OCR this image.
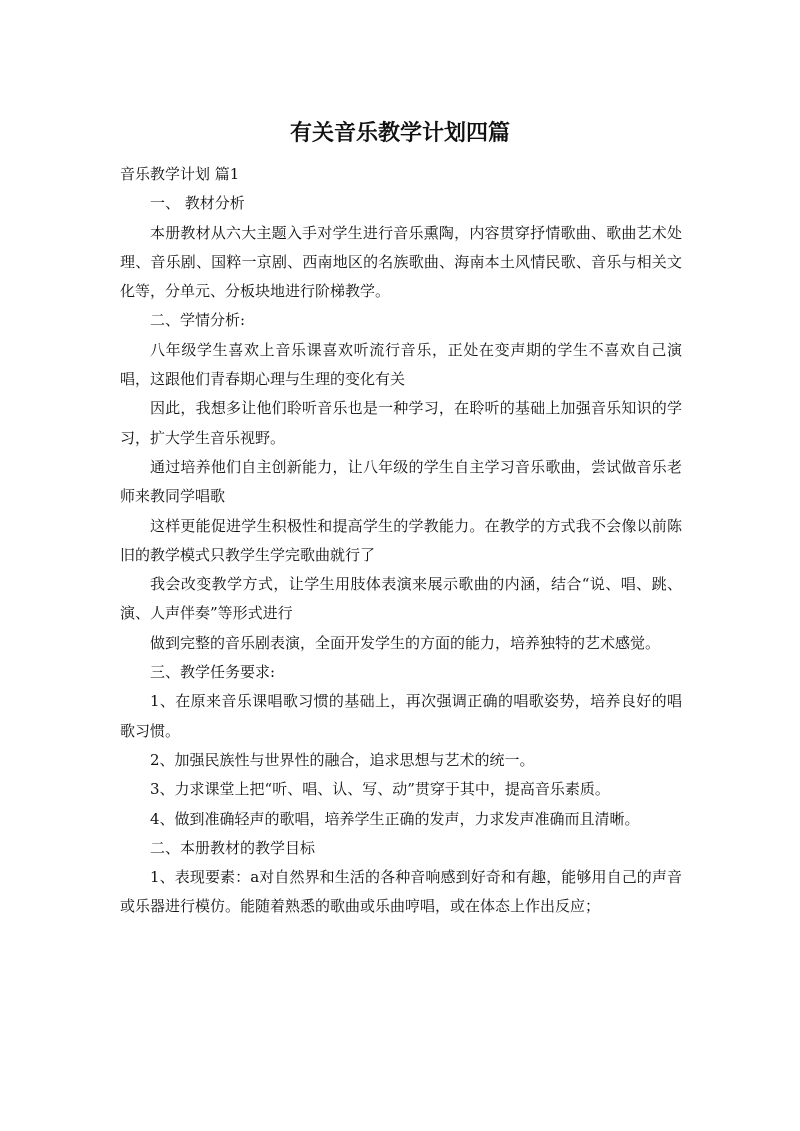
有关音乐教学计划四篇

音乐教学计划 篇1

一、 教材分析

本册教材从六大主题入手对学生进行音乐熏陶，内容贯穿抒情歌曲、歌曲艺术处理、音乐剧、国粹一京剧、西南地区的名族歌曲、海南本土风情民歌、音乐与相关文化等，分单元、分板块地进行阶梯教学。

二、学情分析:

八年级学生喜欢上音乐课喜欢听流行音乐，正处在变声期的学生不喜欢自己演唱，这跟他们青春期心理与生理的变化有关

因此，我想多让他们聆听音乐也是一种学习，在聆听的基础上加强音乐知识的学习，扩大学生音乐视野。

通过培养他们自主创新能力，让八年级的学生自主学习音乐歌曲，尝试做音乐老师来教同学唱歌

这样更能促进学生积极性和提高学生的学教能力。在教学的方式我不会像以前陈旧的教学模式只教学生学完歌曲就行了

我会改变教学方式，让学生用肢体表演来展示歌曲的内涵，结合“说、唱、跳、演、人声伴奏”等形式进行

做到完整的音乐剧表演，全面开发学生的方面的能力，培养独特的艺术感觉。

三、教学任务要求:

1、在原来音乐课唱歌习惯的基础上，再次强调正确的唱歌姿势，培养良好的唱歌习惯。

2、加强民族性与世界性的融合，追求思想与艺术的统一。

3、力求课堂上把“听、唱、认、写、动”贯穿于其中，提高音乐素质。

4、做到准确轻声的歌唱，培养学生正确的发声，力求发声准确而且清晰。

二、本册教材的教学目标

1、表现要素：a对自然界和生活的各种音响感到好奇和有趣，能够用自己的声音或乐器进行模仿。能随着熟悉的歌曲或乐曲哼唱，或在体态上作出反应；
